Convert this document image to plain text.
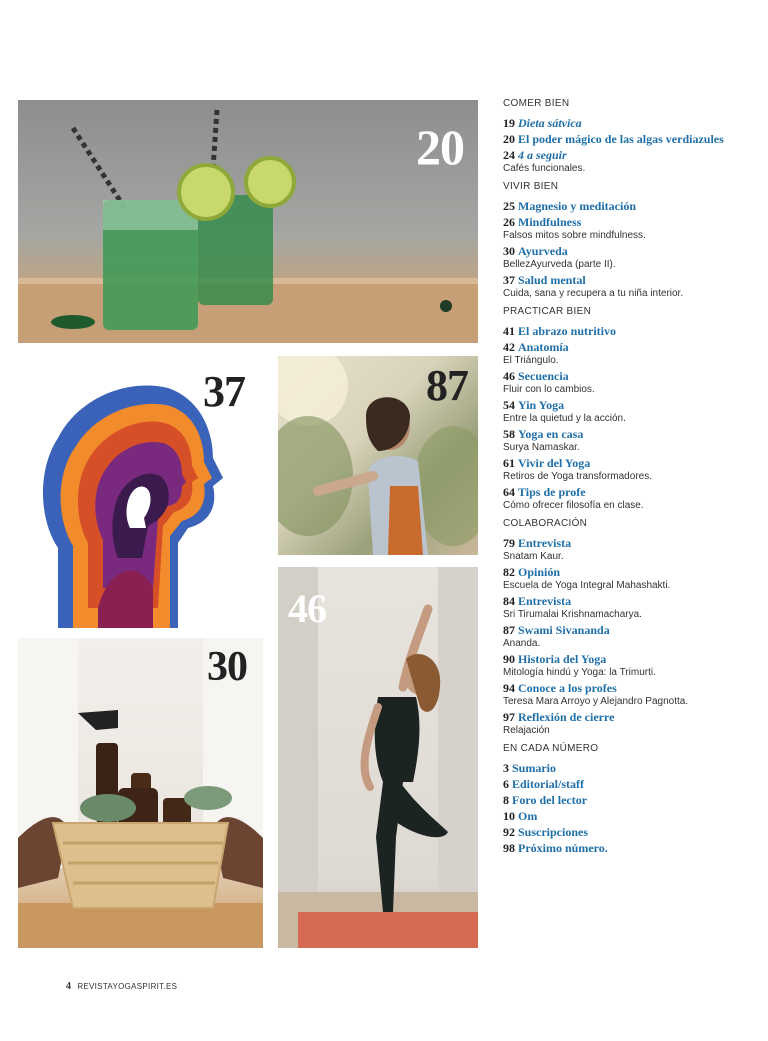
20
37	87
46
30
COMER BIEN
19 Dieta sátvica
20 El poder mágico de las algas verdiazules
24 4 a seguir
Cafés funcionales.
VIVIR BIEN
25 Magnesio y meditación
26 Mindfulness
Falsos mitos sobre mindfulness.
30 Ayurveda
BellezAyurveda (parte II).
37 Salud mental
Cuida, sana y recupera a tu niña interior.
PRACTICAR BIEN
41 El abrazo nutritivo
42 Anatomía
El Triángulo.
46 Secuencia
Fluir con lo cambios.
54 Yin Yoga
Entre la quietud y la acción.
58 Yoga en casa
Surya Namaskar.
61 Vivir del Yoga
Retiros de Yoga transformadores.
64 Tips de profe
Cómo ofrecer filosofía en clase.
COLABORACIÓN
79 Entrevista
Snatam Kaur.
82 Opinión
Escuela de Yoga Integral Mahashakti.
84 Entrevista
Sri Tirumalai Krishnamacharya.
87 Swami Sivananda
Ananda.
90 Historia del Yoga
Mitología hindú y Yoga: la Trimurti.
94 Conoce a los profes
Teresa Mara Arroyo y Alejandro Pagnotta.
97 Reflexión de cierre
Relajación
EN CADA NÚMERO
3 Sumario
6 Editorial/staff
8 Foro del lector
10 Om
92 Suscripciones
98 Próximo número.
4 REVISTAYOGASPIRIT.ES
